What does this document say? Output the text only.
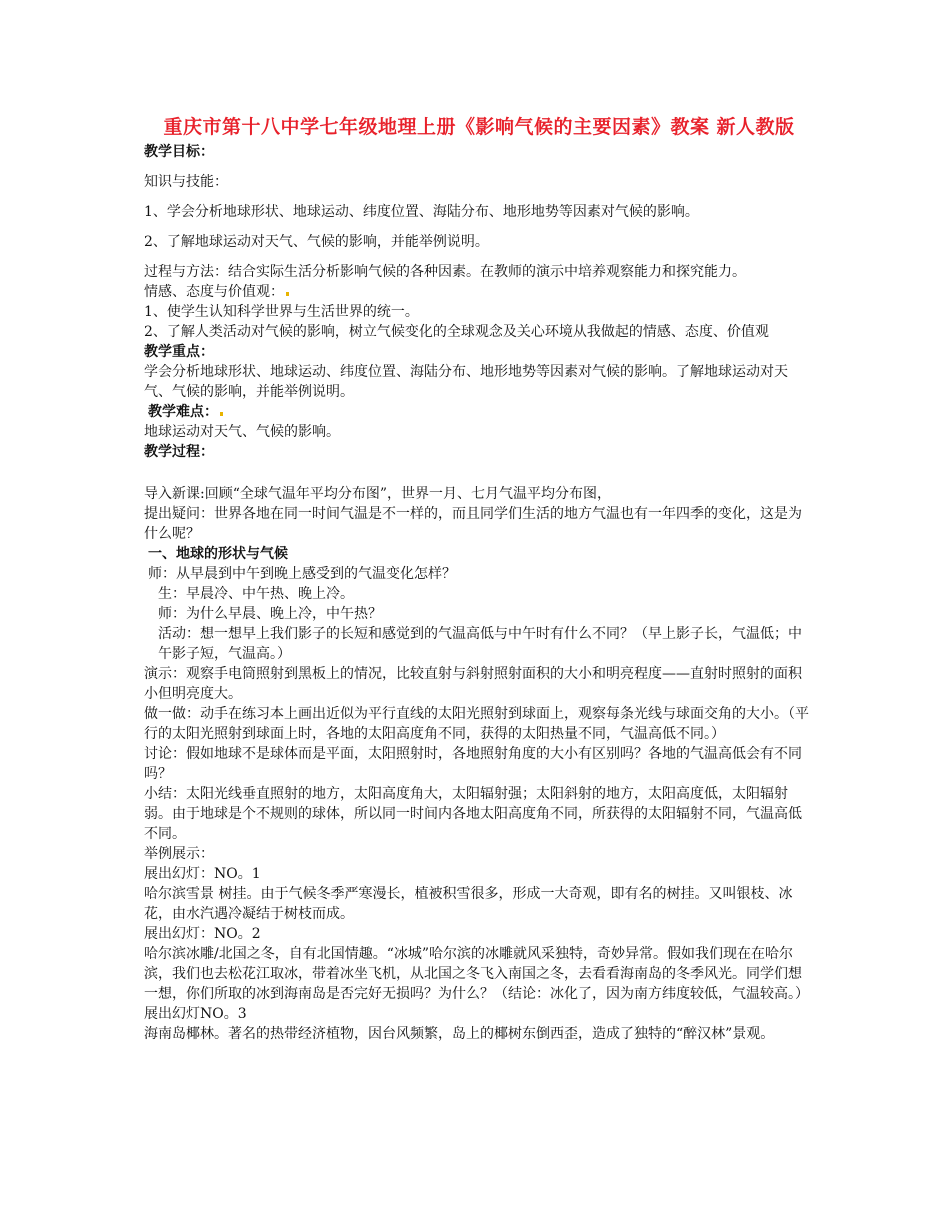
重庆市第十八中学七年级地理上册《影响气候的主要因素》教案 新人教版

教学目标：

知识与技能：

1、学会分析地球形状、地球运动、纬度位置、海陆分布、地形地势等因素对气候的影响。

2、了解地球运动对天气、气候的影响，并能举例说明。

过程与方法：结合实际生活分析影响气候的各种因素。在教师的演示中培养观察能力和探究能力。

情感、态度与价值观：

1、使学生认知科学世界与生活世界的统一。

2、了解人类活动对气候的影响，树立气候变化的全球观念及关心环境从我做起的情感、态度、价值观

教学重点：

学会分析地球形状、地球运动、纬度位置、海陆分布、地形地势等因素对气候的影响。了解地球运动对天气、气候的影响，并能举例说明。

教学难点：

地球运动对天气、气候的影响。

教学过程：

导入新课:回顾“全球气温年平均分布图”，世界一月、七月气温平均分布图，

提出疑问：世界各地在同一时间气温是不一样的，而且同学们生活的地方气温也有一年四季的变化，这是为什么呢？

一、地球的形状与气候

师：从早晨到中午到晚上感受到的气温变化怎样？

生：早晨冷、中午热、晚上冷。

师：为什么早晨、晚上冷，中午热？

活动：想一想早上我们影子的长短和感觉到的气温高低与中午时有什么不同？（早上影子长，气温低；中午影子短，气温高。）

演示：观察手电筒照射到黑板上的情况，比较直射与斜射照射面积的大小和明亮程度——直射时照射的面积小但明亮度大。

做一做：动手在练习本上画出近似为平行直线的太阳光照射到球面上，观察每条光线与球面交角的大小。（平行的太阳光照射到球面上时，各地的太阳高度角不同，获得的太阳热量不同，气温高低不同。）

讨论：假如地球不是球体而是平面，太阳照射时，各地照射角度的大小有区别吗？各地的气温高低会有不同吗？

小结：太阳光线垂直照射的地方，太阳高度角大，太阳辐射强；太阳斜射的地方，太阳高度低，太阳辐射弱。由于地球是个不规则的球体，所以同一时间内各地太阳高度角不同，所获得的太阳辐射不同，气温高低不同。

举例展示：

展出幻灯：NO。1

哈尔滨雪景 树挂。由于气候冬季严寒漫长，植被积雪很多，形成一大奇观，即有名的树挂。又叫银枝、冰花，由水汽遇冷凝结于树枝而成。

展出幻灯：NO。2

哈尔滨冰雕/北国之冬，自有北国情趣。“冰城”哈尔滨的冰雕就风采独特，奇妙异常。假如我们现在在哈尔滨，我们也去松花江取冰，带着冰坐飞机，从北国之冬飞入南国之冬，去看看海南岛的冬季风光。同学们想一想，你们所取的冰到海南岛是否完好无损吗？为什么？（结论：冰化了，因为南方纬度较低，气温较高。）

展出幻灯NO。3

海南岛椰林。著名的热带经济植物，因台风频繁，岛上的椰树东倒西歪，造成了独特的“醉汉林”景观。
